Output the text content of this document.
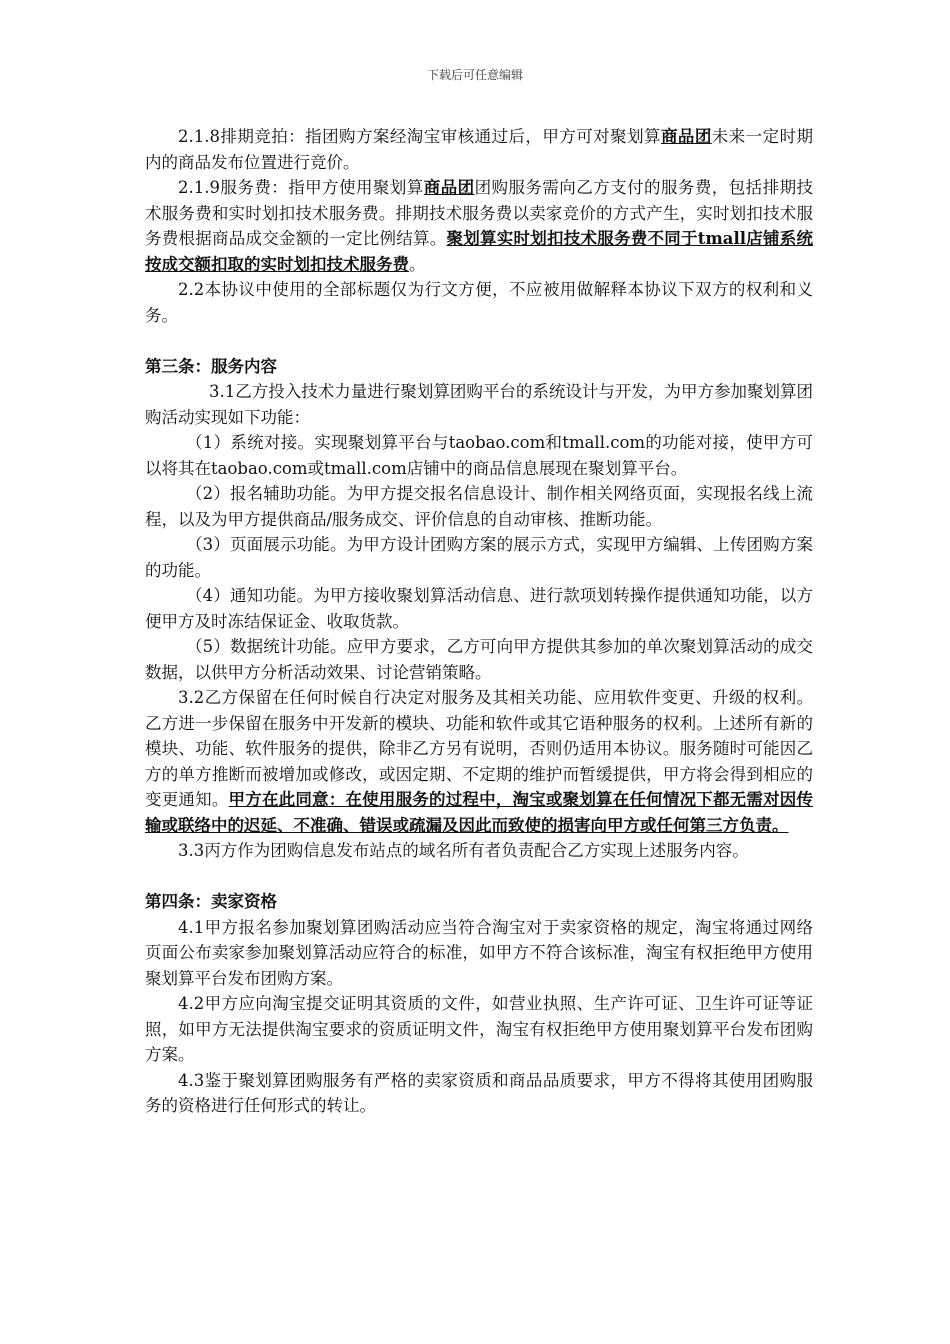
下载后可任意编辑

2.1.8排期竞拍：指团购方案经淘宝审核通过后，甲方可对聚划算商品团未来一定时期内的商品发布位置进行竞价。

2.1.9服务费：指甲方使用聚划算商品团团购服务需向乙方支付的服务费，包括排期技术服务费和实时划扣技术服务费。排期技术服务费以卖家竞价的方式产生，实时划扣技术服务费根据商品成交金额的一定比例结算。聚划算实时划扣技术服务费不同于tmall店铺系统按成交额扣取的实时划扣技术服务费。

2.2本协议中使用的全部标题仅为行文方便，不应被用做解释本协议下双方的权利和义务。

第三条：服务内容

3.1乙方投入技术力量进行聚划算团购平台的系统设计与开发，为甲方参加聚划算团购活动实现如下功能：

（1）系统对接。实现聚划算平台与taobao.com和tmall.com的功能对接，使甲方可以将其在taobao.com或tmall.com店铺中的商品信息展现在聚划算平台。

（2）报名辅助功能。为甲方提交报名信息设计、制作相关网络页面，实现报名线上流程，以及为甲方提供商品/服务成交、评价信息的自动审核、推断功能。

（3）页面展示功能。为甲方设计团购方案的展示方式，实现甲方编辑、上传团购方案的功能。

（4）通知功能。为甲方接收聚划算活动信息、进行款项划转操作提供通知功能，以方便甲方及时冻结保证金、收取货款。

（5）数据统计功能。应甲方要求，乙方可向甲方提供其参加的单次聚划算活动的成交数据，以供甲方分析活动效果、讨论营销策略。

3.2乙方保留在任何时候自行决定对服务及其相关功能、应用软件变更、升级的权利。乙方进一步保留在服务中开发新的模块、功能和软件或其它语种服务的权利。上述所有新的模块、功能、软件服务的提供，除非乙方另有说明，否则仍适用本协议。服务随时可能因乙方的单方推断而被增加或修改，或因定期、不定期的维护而暂缓提供，甲方将会得到相应的变更通知。甲方在此同意：在使用服务的过程中，淘宝或聚划算在任何情况下都无需对因传输或联络中的迟延、不准确、错误或疏漏及因此而致使的损害向甲方或任何第三方负责。

3.3丙方作为团购信息发布站点的域名所有者负责配合乙方实现上述服务内容。

第四条：卖家资格

4.1甲方报名参加聚划算团购活动应当符合淘宝对于卖家资格的规定，淘宝将通过网络页面公布卖家参加聚划算活动应符合的标准，如甲方不符合该标准，淘宝有权拒绝甲方使用聚划算平台发布团购方案。

4.2甲方应向淘宝提交证明其资质的文件，如营业执照、生产许可证、卫生许可证等证照，如甲方无法提供淘宝要求的资质证明文件，淘宝有权拒绝甲方使用聚划算平台发布团购方案。

4.3鉴于聚划算团购服务有严格的卖家资质和商品品质要求，甲方不得将其使用团购服务的资格进行任何形式的转让。
